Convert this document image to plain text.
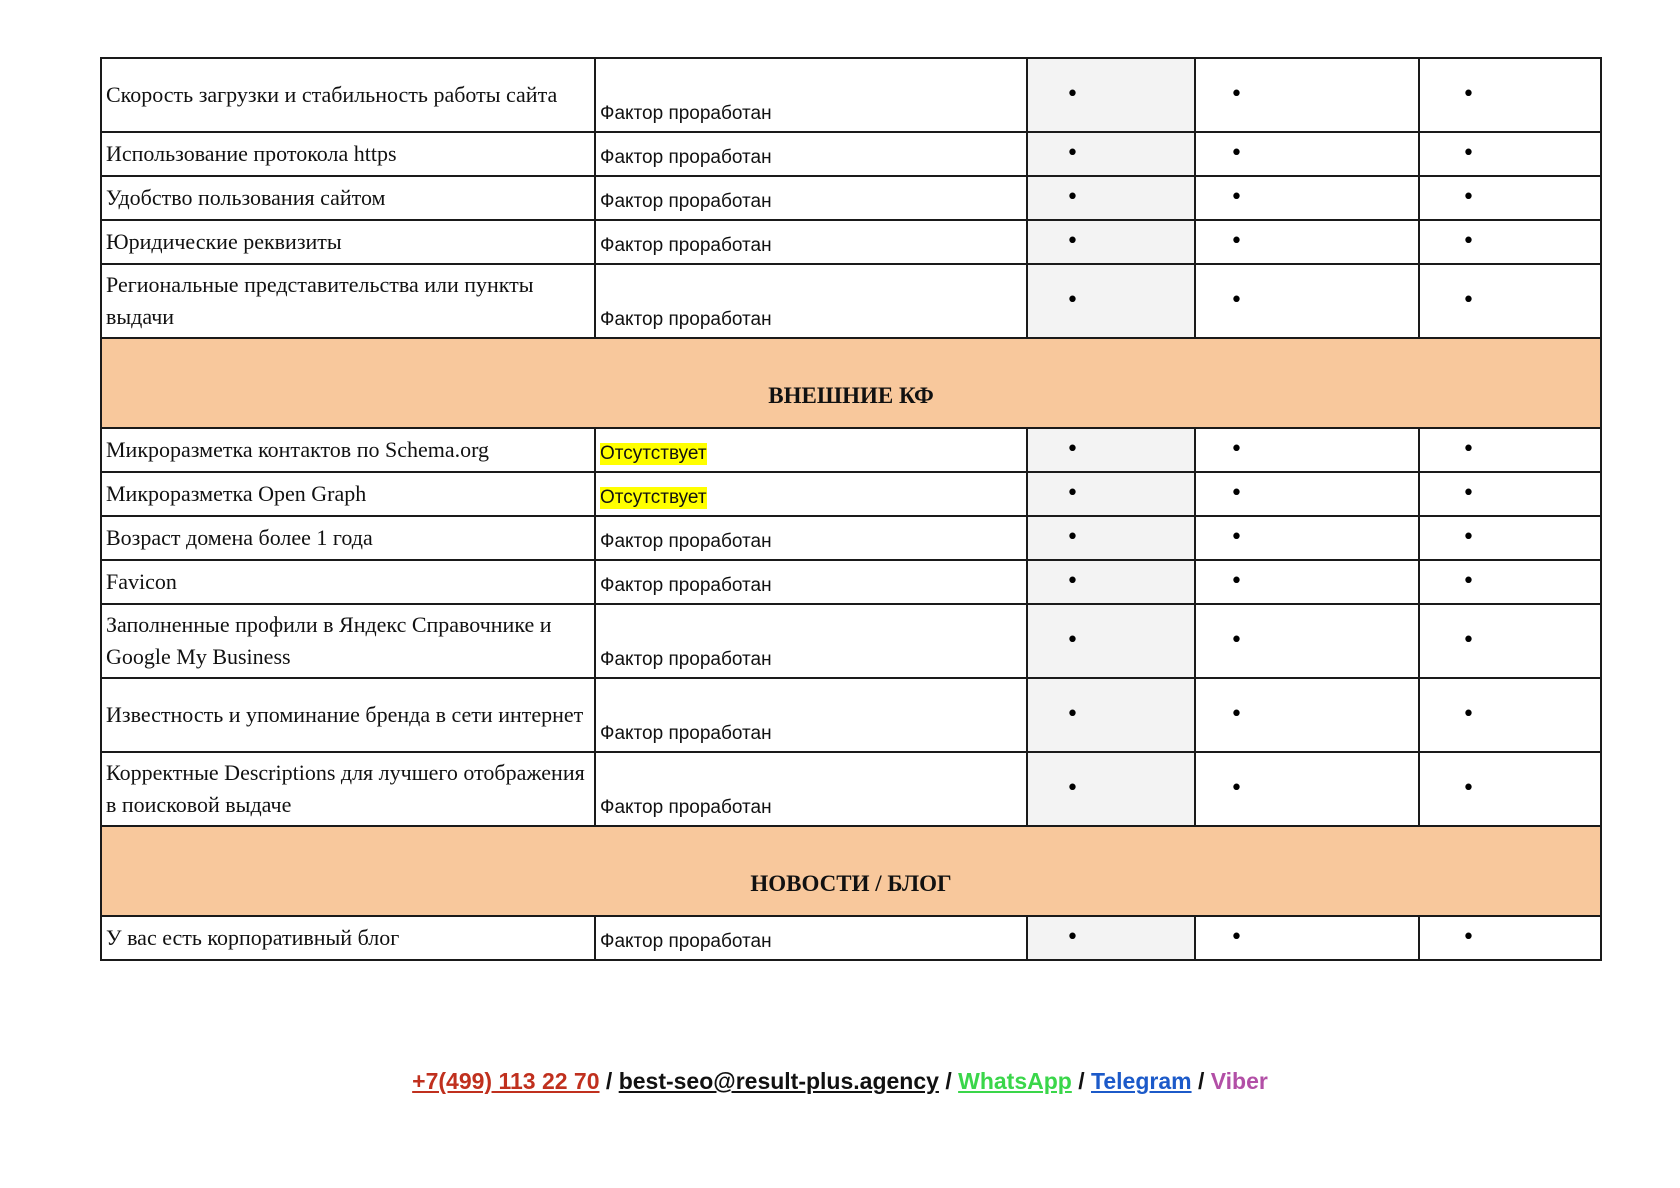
Скорость загрузки и стабильность работы сайта	Фактор проработан	•	•	•

Использование протокола https	Фактор проработан	•	•	•

Удобство пользования сайтом	Фактор проработан	•	•	•

Юридические реквизиты	Фактор проработан	•	•	•

Региональные представительства или пункты выдачи	Фактор проработан	•	•	•

ВНЕШНИЕ КФ				

Микроразметка контактов по Schema.org	Отсутствует	•	•	•

Микроразметка Open Graph	Отсутствует	•	•	•

Возраст домена более 1 года	Фактор проработан	•	•	•

Favicon	Фактор проработан	•	•	•

Заполненные профили в Яндекс Справочнике и Google My Business	Фактор проработан	•	•	•

Известность и упоминание бренда в сети интернет	Фактор проработан	•	•	•

Корректные Descriptions для лучшего отображения в поисковой выдаче	Фактор проработан	•	•	•

НОВОСТИ / БЛОГ				

У вас есть корпоративный блог	Фактор проработан	•	•	•
+7(499) 113 22 70 / best-seo@result-plus.agency / WhatsApp / Telegram / Viber
